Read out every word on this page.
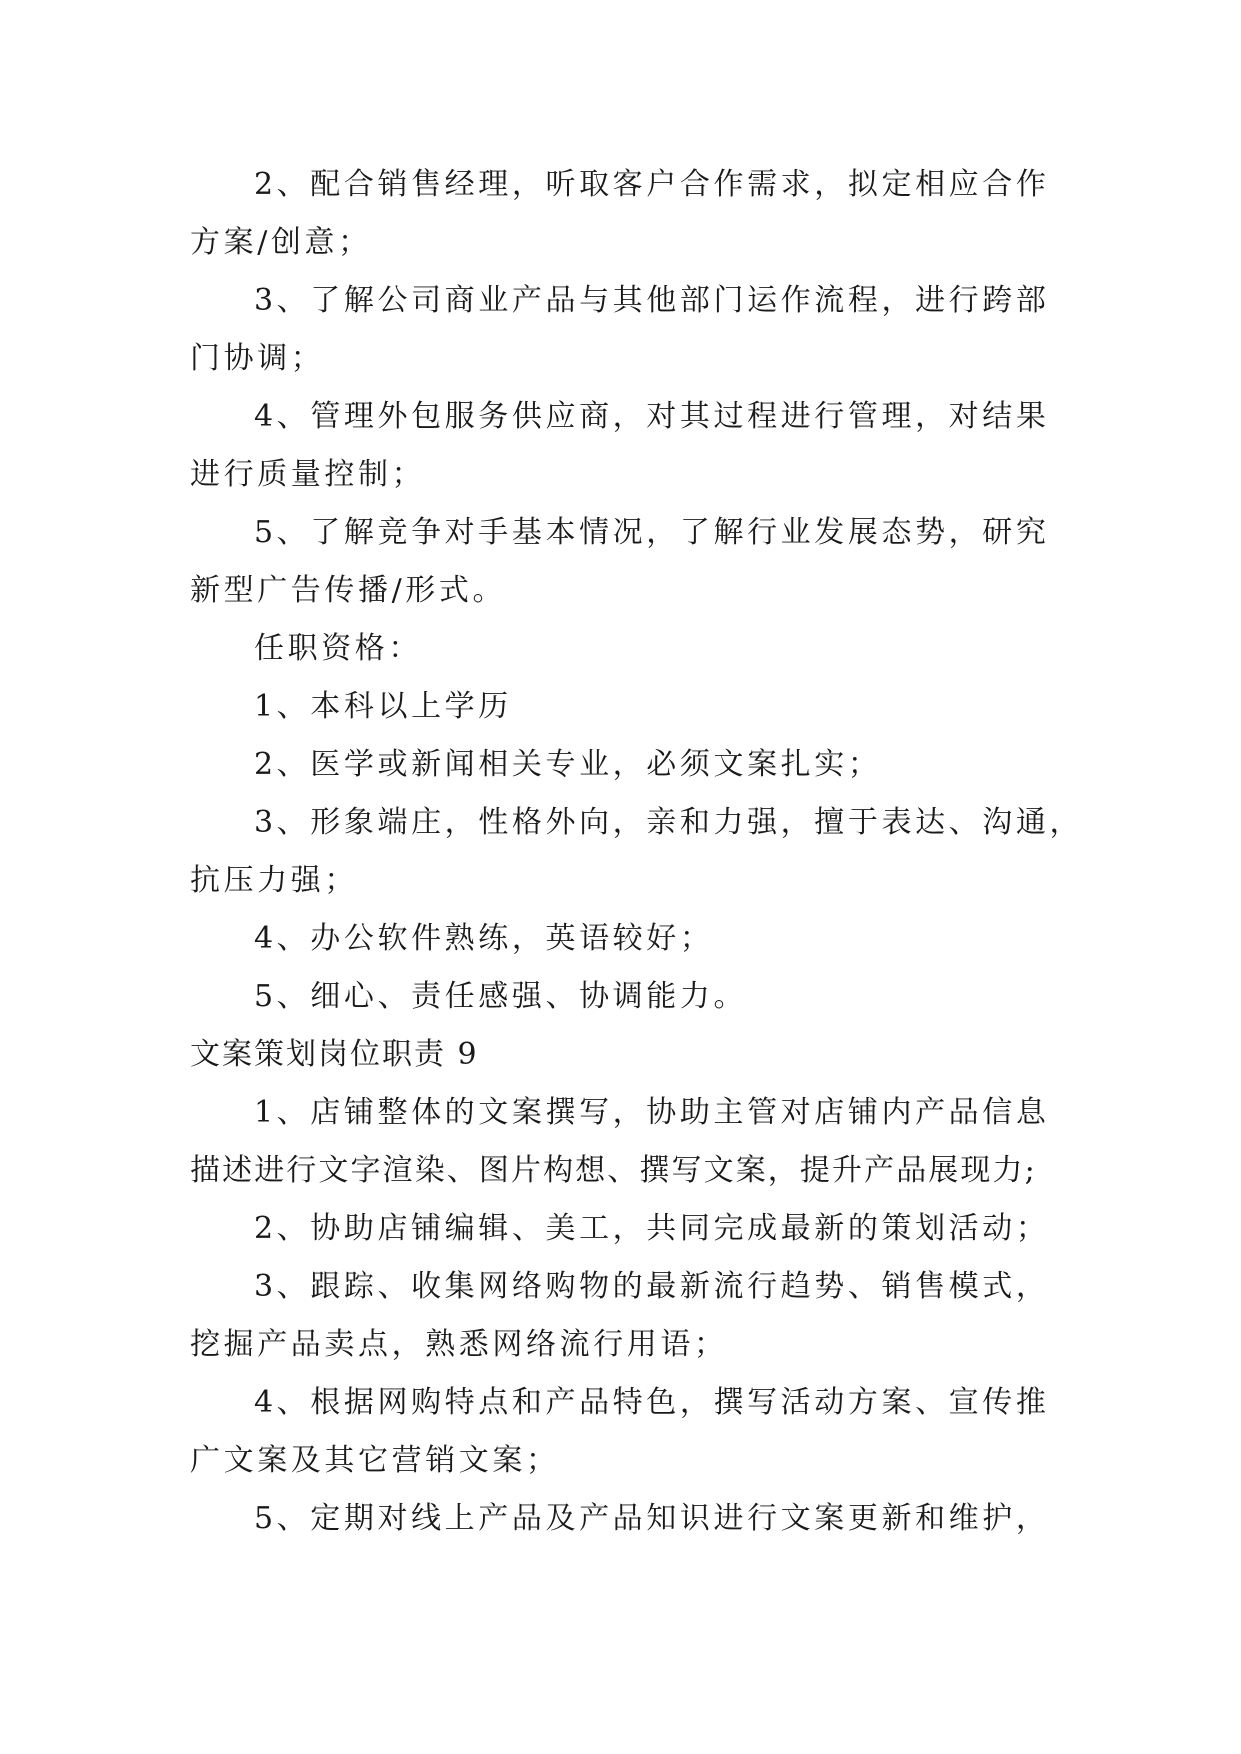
2、配合销售经理，听取客户合作需求，拟定相应合作
方案/创意；
3、了解公司商业产品与其他部门运作流程，进行跨部
门协调；
4、管理外包服务供应商，对其过程进行管理，对结果
进行质量控制；
5、了解竞争对手基本情况，了解行业发展态势，研究
新型广告传播/形式。
任职资格：
1、本科以上学历
2、医学或新闻相关专业，必须文案扎实；
3、形象端庄，性格外向，亲和力强，擅于表达、沟通，
抗压力强；
4、办公软件熟练，英语较好；
5、细心、责任感强、协调能力。
文案策划岗位职责 9
1、店铺整体的文案撰写，协助主管对店铺内产品信息
描述进行文字渲染、图片构想、撰写文案，提升产品展现力;
2、协助店铺编辑、美工，共同完成最新的策划活动；
3、跟踪、收集网络购物的最新流行趋势、销售模式，
挖掘产品卖点，熟悉网络流行用语；
4、根据网购特点和产品特色，撰写活动方案、宣传推
广文案及其它营销文案；
5、定期对线上产品及产品知识进行文案更新和维护，
